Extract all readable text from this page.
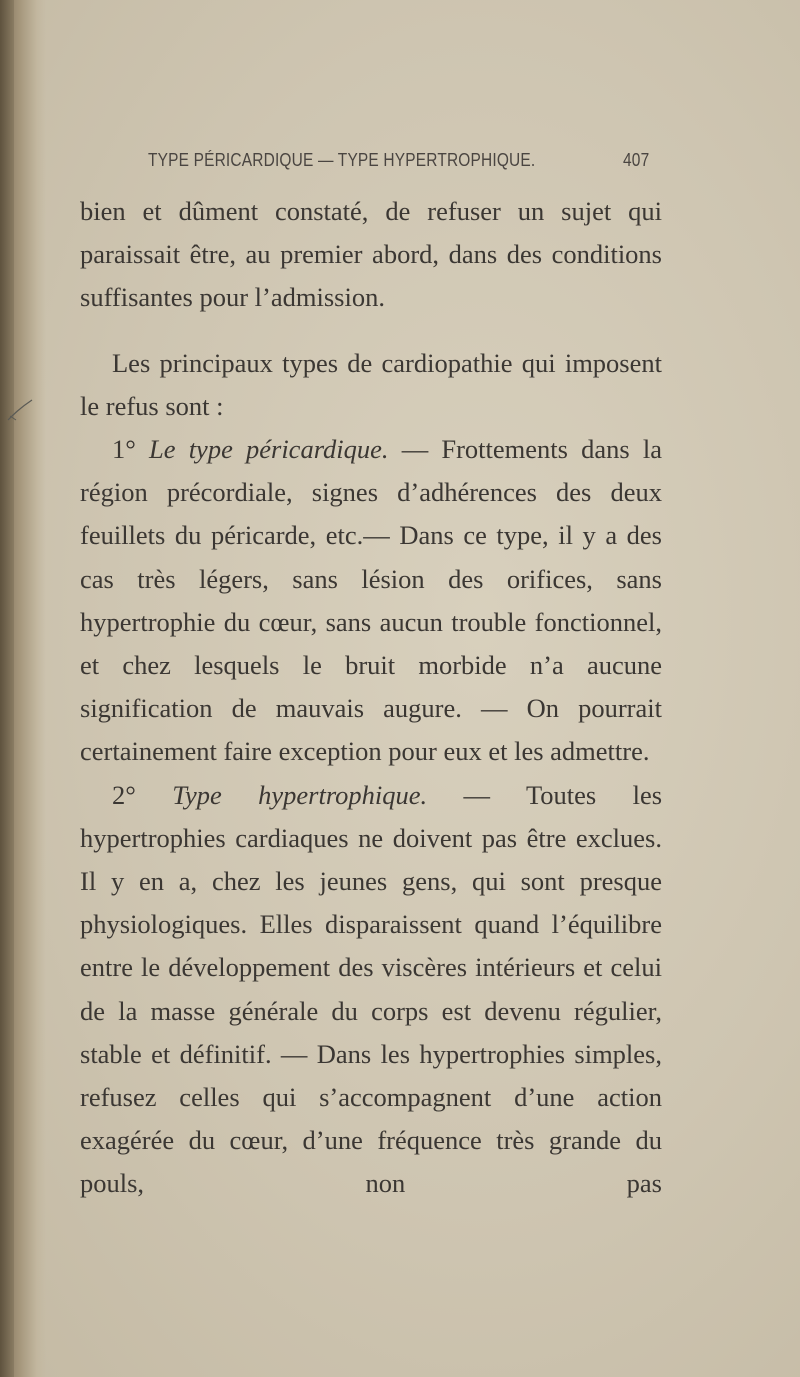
TYPE PÉRICARDIQUE — TYPE HYPERTROPHIQUE.	407

bien et dûment constaté, de refuser un sujet qui paraissait être, au premier abord, dans des conditions suffisantes pour l’admission.

Les principaux types de cardiopathie qui imposent le refus sont :

1° Le type péricardique. — Frottements dans la région précordiale, signes d’adhérences des deux feuillets du péricarde, etc.— Dans ce type, il y a des cas très légers, sans lésion des orifices, sans hypertrophie du cœur, sans aucun trouble fonctionnel, et chez lesquels le bruit morbide n’a aucune signification de mauvais augure. — On pourrait certainement faire exception pour eux et les admettre.

2° Type hypertrophique. — Toutes les hypertrophies cardiaques ne doivent pas être exclues. Il y en a, chez les jeunes gens, qui sont presque physiologiques. Elles disparaissent quand l’équilibre entre le développement des viscères intérieurs et celui de la masse générale du corps est devenu régulier, stable et définitif. — Dans les hypertrophies simples, refusez celles qui s’accompagnent d’une action exagérée du cœur, d’une fréquence très grande du pouls, non pas
